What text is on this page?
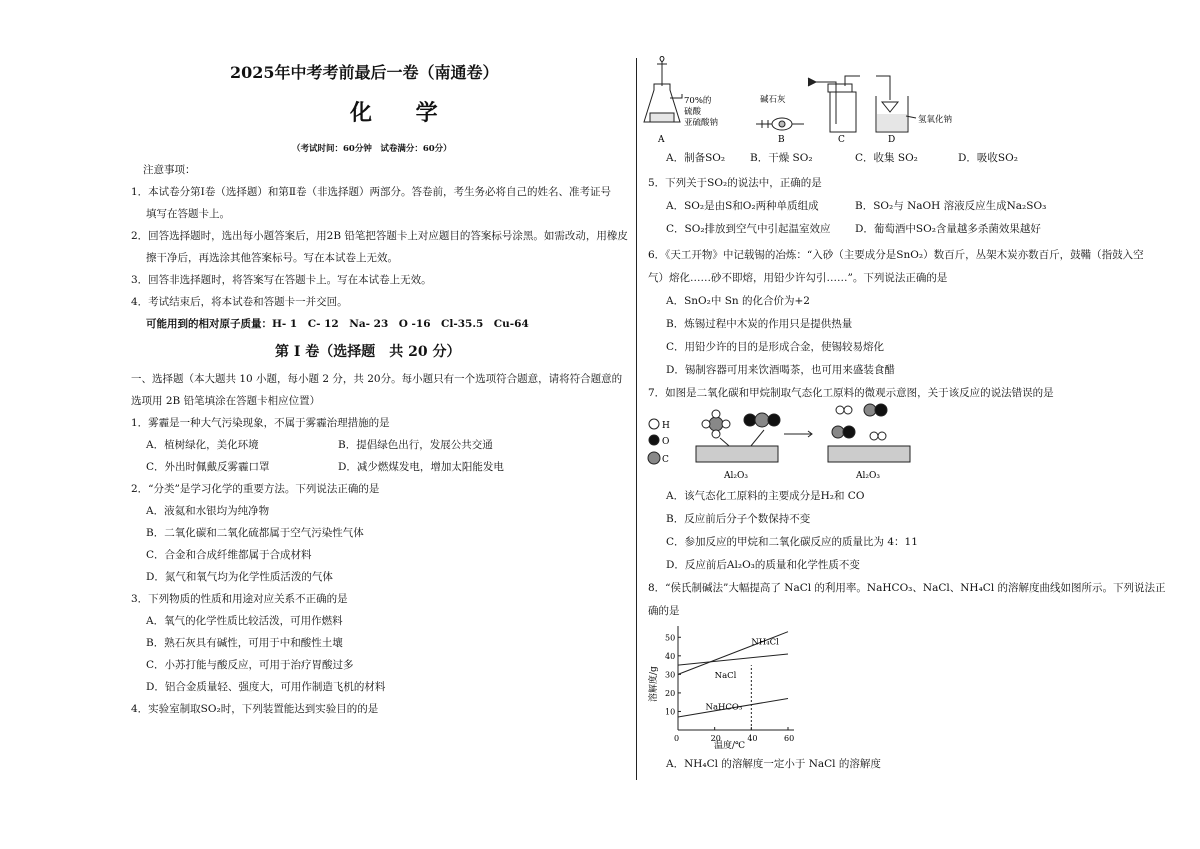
2025年中考考前最后一卷（南通卷）
化 学
（考试时间：60分钟　试卷满分：60分）
注意事项：
1．本试卷分第Ⅰ卷（选择题）和第Ⅱ卷（非选择题）两部分。答卷前，考生务必将自己的姓名、准考证号
填写在答题卡上。
2．回答选择题时，选出每小题答案后，用2B 铅笔把答题卡上对应题目的答案标号涂黑。如需改动，用橡皮
擦干净后，再选涂其他答案标号。写在本试卷上无效。
3．回答非选择题时，将答案写在答题卡上。写在本试卷上无效。
4．考试结束后，将本试卷和答题卡一并交回。
可能用到的相对原子质量：H- 1　C- 12　Na- 23　O -16　Cl-35.5　Cu-64
第 I 卷（选择题　共 20 分）
一、选择题（本大题共 10 小题，每小题 2 分，共 20分。每小题只有一个选项符合题意，请将符合题意的
选项用 2B 铅笔填涂在答题卡相应位置）
1．雾霾是一种大气污染现象，不属于雾霾治理措施的是
A．植树绿化，美化环境	B．提倡绿色出行，发展公共交通
C．外出时佩戴反雾霾口罩	D．减少燃煤发电，增加太阳能发电
2．“分类”是学习化学的重要方法。下列说法正确的是
A．液氦和水银均为纯净物
B．二氧化碳和二氧化硫都属于空气污染性气体
C．合金和合成纤维都属于合成材料
D．氮气和氧气均为化学性质活泼的气体
3．下列物质的性质和用途对应关系不正确的是
A．氧气的化学性质比较活泼，可用作燃料
B．熟石灰具有碱性，可用于中和酸性土壤
C．小苏打能与酸反应，可用于治疗胃酸过多
D．铝合金质量轻、强度大，可用作制造飞机的材料
4．实验室制取SO₂时，下列装置能达到实验目的的是
70%的
硫酸
亚硫酸钠
碱石灰
氢氧化钠
A	B	C	D
A．制备SO₂ B．干燥 SO₂	C．收集 SO₂	D．吸收SO₂
5．下列关于SO₂的说法中，正确的是
A．SO₂是由S和O₂两种单质组成	B．SO₂与 NaOH 溶液反应生成Na₂SO₃
C．SO₂排放到空气中引起温室效应 D．葡萄酒中SO₂含量越多杀菌效果越好
6．《天工开物》中记载锡的冶炼：“入砂（主要成分是SnO₂）数百斤，丛架木炭亦数百斤，鼓鞴（指鼓入空
气）熔化……砂不即熔，用铅少许勾引……”。下列说法正确的是
A．SnO₂中 Sn 的化合价为+2
B．炼锡过程中木炭的作用只是提供热量
C．用铅少许的目的是形成合金，使锡较易熔化
D．锡制容器可用来饮酒喝茶，也可用来盛装食醋
7．如图是二氧化碳和甲烷制取气态化工原料的微观示意图，关于该反应的说法错误的是
H
O
C
Al₂O₃	Al₂O₃
A．该气态化工原料的主要成分是H₂和 CO
B．反应前后分子个数保持不变
C．参加反应的甲烷和二氧化碳反应的质量比为 4：11
D．反应前后Al₂O₃的质量和化学性质不变
8．“侯氏制碱法”大幅提高了 NaCl 的利用率。NaHCO₃、NaCl、NH₄Cl 的溶解度曲线如图所示。下列说法正
确的是
0	20	40	60
10
20
30
40
50	NH₄Cl
NaCl
NaHCO₃
溶解度/g
温度/℃
A．NH₄Cl 的溶解度一定小于 NaCl 的溶解度
